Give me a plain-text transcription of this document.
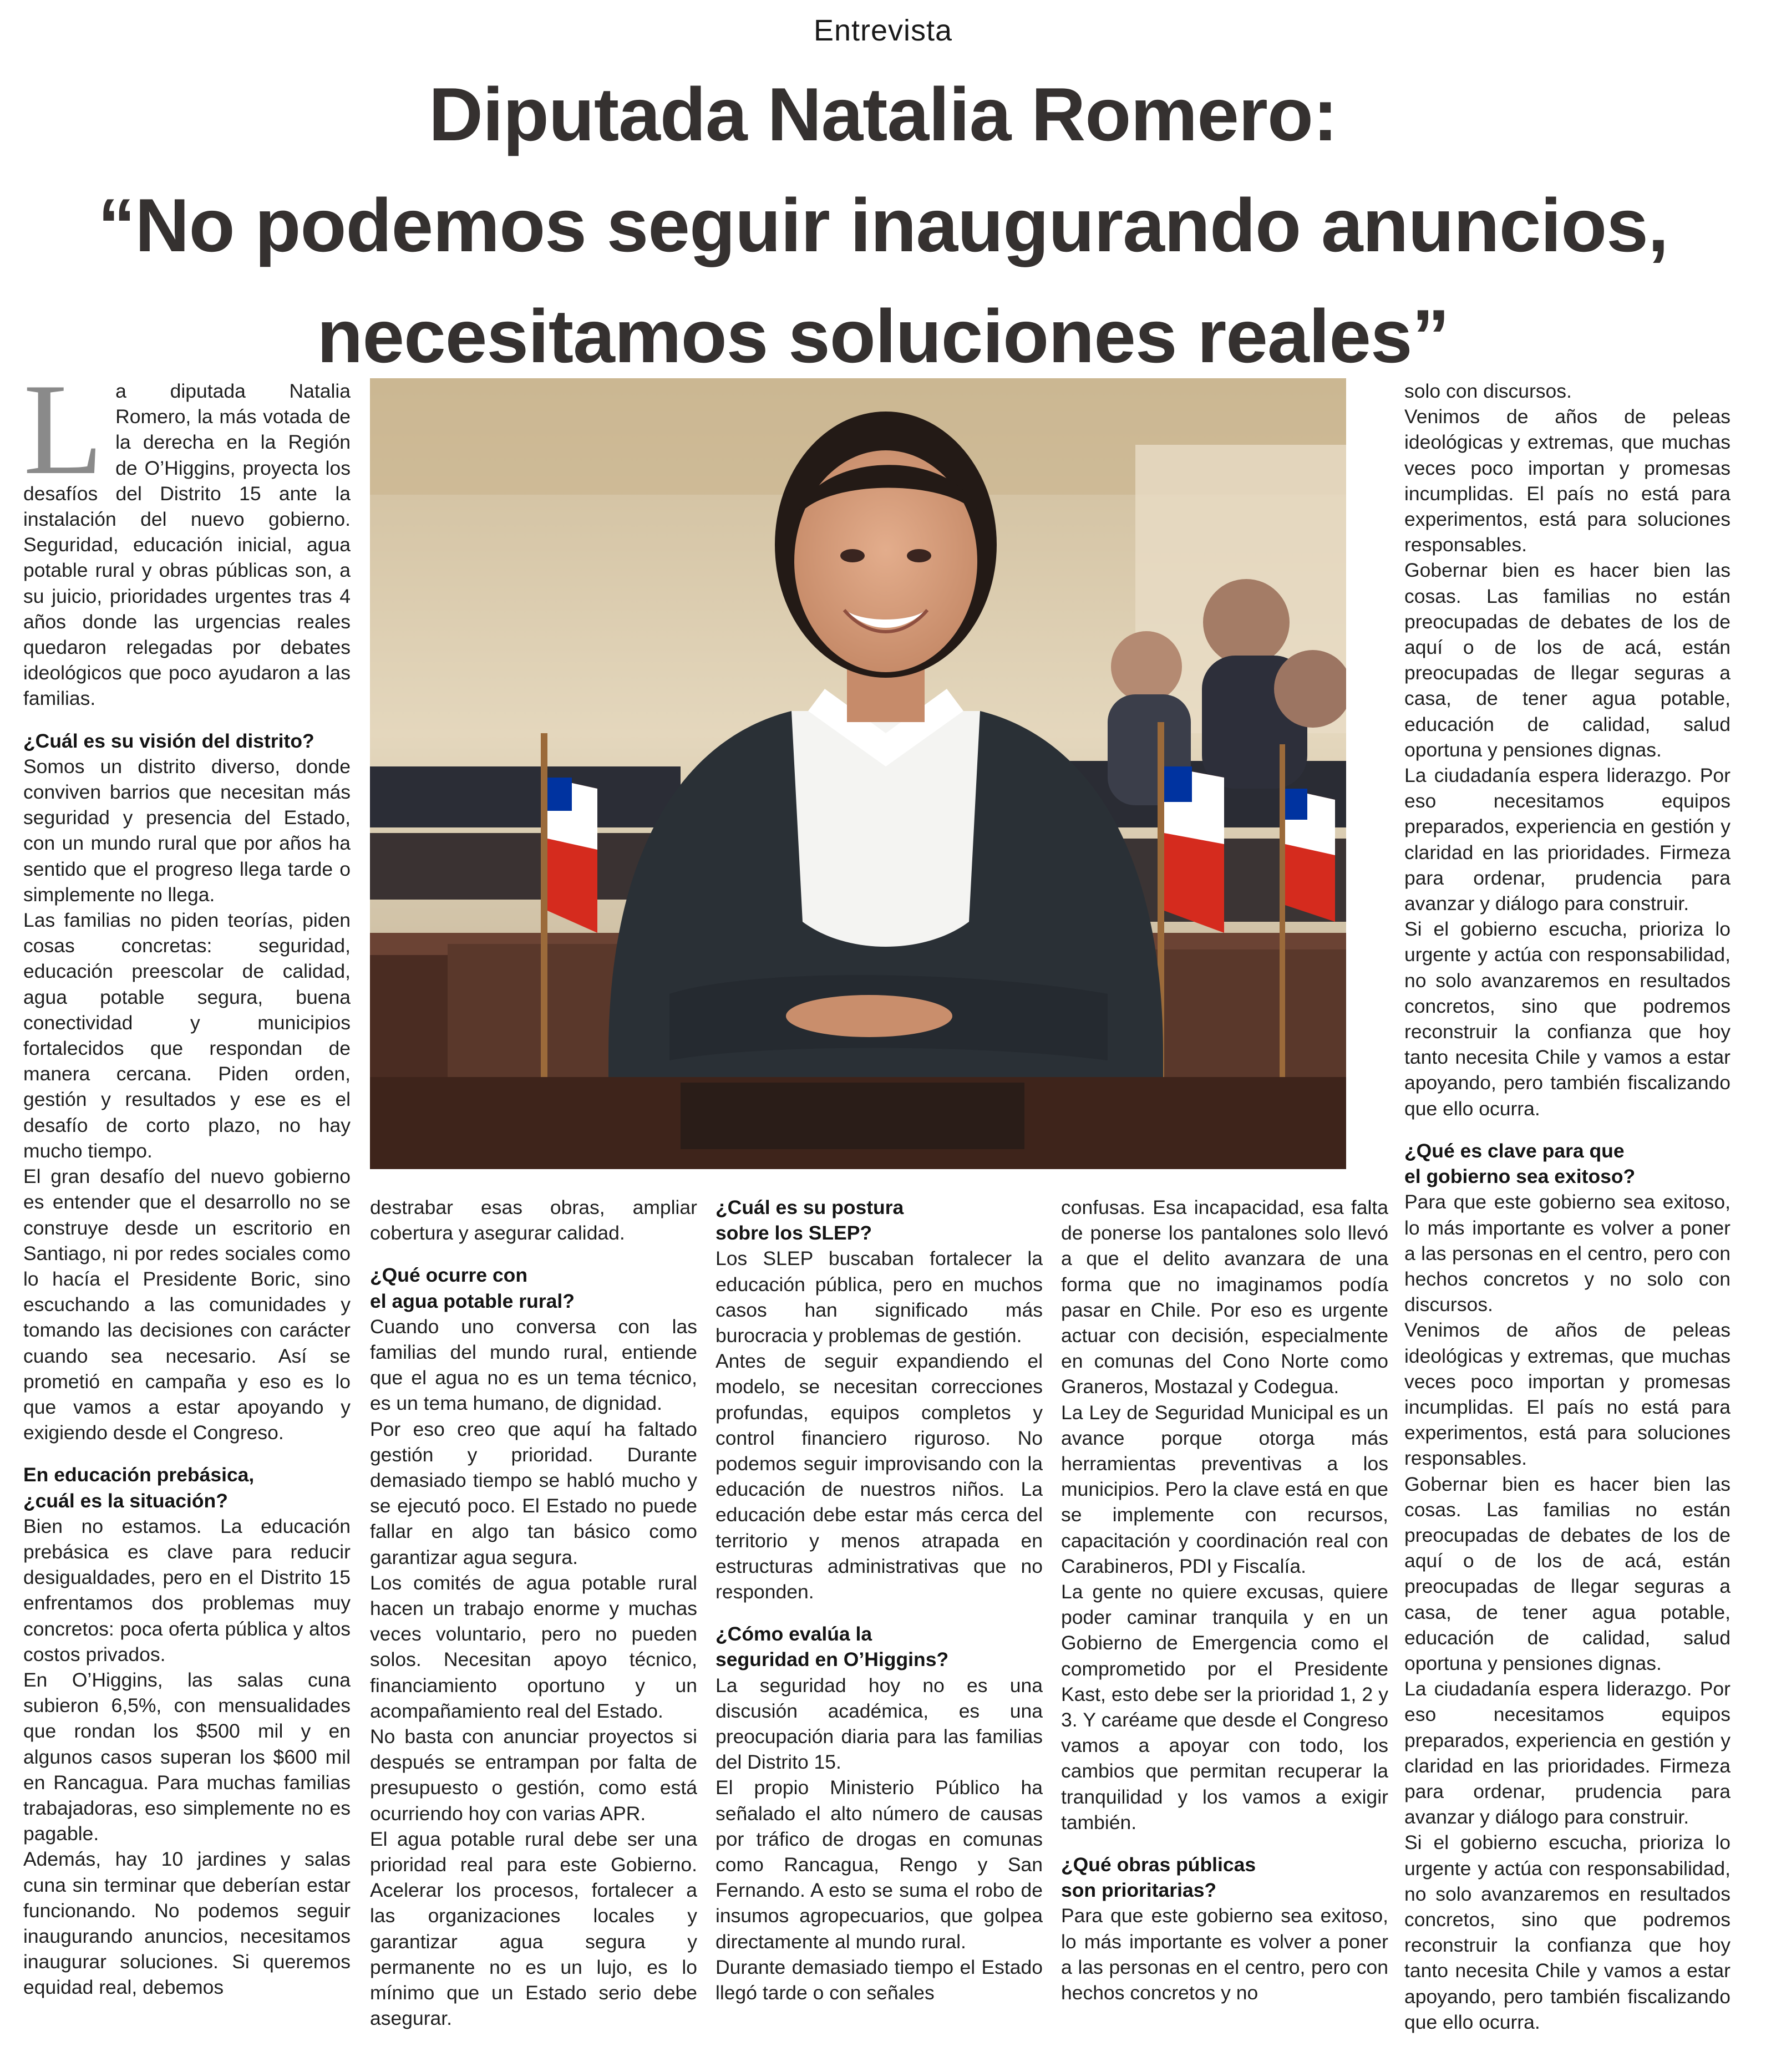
Entrevista
Diputada Natalia Romero:
“No podemos seguir inaugurando anuncios,
necesitamos soluciones reales”
L a diputada Natalia Romero, la más votada de la derecha en la Región de O’Higgins, proyecta los desafíos del Distrito 15 ante la instalación del nuevo gobierno. Seguridad, educación inicial, agua potable rural y obras públicas son, a su juicio, prioridades urgentes tras 4 años donde las urgencias reales quedaron relegadas por debates ideológicos que poco ayudaron a las familias.

¿Cuál es su visión del distrito?

Somos un distrito diverso, donde conviven barrios que necesitan más seguridad y presencia del Estado, con un mundo rural que por años ha sentido que el progreso llega tarde o simplemente no llega.

Las familias no piden teorías, piden cosas concretas: seguridad, educación preescolar de calidad, agua potable segura, buena conectividad y municipios fortalecidos que respondan de manera cercana. Piden orden, gestión y resultados y ese es el desafío de corto plazo, no hay mucho tiempo.

El gran desafío del nuevo gobierno es entender que el desarrollo no se construye desde un escritorio en Santiago, ni por redes sociales como lo hacía el Presidente Boric, sino escuchando a las comunidades y tomando las decisiones con carácter cuando sea necesario. Así se prometió en campaña y eso es lo que vamos a estar apoyando y exigiendo desde el Congreso.

En educación prebásica,
¿cuál es la situación?

Bien no estamos. La educación prebásica es clave para reducir desigualdades, pero en el Distrito 15 enfrentamos dos problemas muy concretos: poca oferta pública y altos costos privados.

En O’Higgins, las salas cuna subieron 6,5%, con mensualidades que rondan los $500 mil y en algunos casos superan los $600 mil en Rancagua. Para muchas familias trabajadoras, eso simplemente no es pagable.

Además, hay 10 jardines y salas cuna sin terminar que deberían estar funcionando. No podemos seguir inaugurando anuncios, necesitamos inaugurar soluciones. Si queremos equidad real, debemos

destrabar esas obras, ampliar cobertura y asegurar calidad.

¿Qué ocurre con
el agua potable rural?

Cuando uno conversa con las familias del mundo rural, entiende que el agua no es un tema técnico, es un tema humano, de dignidad.

Por eso creo que aquí ha faltado gestión y prioridad. Durante demasiado tiempo se habló mucho y se ejecutó poco. El Estado no puede fallar en algo tan básico como garantizar agua segura.

Los comités de agua potable rural hacen un trabajo enorme y muchas veces voluntario, pero no pueden solos. Necesitan apoyo técnico, financiamiento oportuno y un acompañamiento real del Estado.

No basta con anunciar proyectos si después se entrampan por falta de presupuesto o gestión, como está ocurriendo hoy con varias APR.

El agua potable rural debe ser una prioridad real para este Gobierno. Acelerar los procesos, fortalecer a las organizaciones locales y garantizar agua segura y permanente no es un lujo, es lo mínimo que un Estado serio debe asegurar.

¿Cuál es su postura
sobre los SLEP?

Los SLEP buscaban fortalecer la educación pública, pero en muchos casos han significado más burocracia y problemas de gestión.

Antes de seguir expandiendo el modelo, se necesitan correcciones profundas, equipos completos y control financiero riguroso. No podemos seguir improvisando con la educación de nuestros niños. La educación debe estar más cerca del territorio y menos atrapada en estructuras administrativas que no responden.

¿Cómo evalúa la
seguridad en O’Higgins?

La seguridad hoy no es una discusión académica, es una preocupación diaria para las familias del Distrito 15.

El propio Ministerio Público ha señalado el alto número de causas por tráfico de drogas en comunas como Rancagua, Rengo y San Fernando. A esto se suma el robo de insumos agropecuarios, que golpea directamente al mundo rural.

Durante demasiado tiempo el Estado llegó tarde o con señales

confusas. Esa incapacidad, esa falta de ponerse los pantalones solo llevó a que el delito avanzara de una forma que no imaginamos podía pasar en Chile. Por eso es urgente actuar con decisión, especialmente en comunas del Cono Norte como Graneros, Mostazal y Codegua.

La Ley de Seguridad Municipal es un avance porque otorga más herramientas preventivas a los municipios. Pero la clave está en que se implemente con recursos, capacitación y coordinación real con Carabineros, PDI y Fiscalía.

La gente no quiere excusas, quiere poder caminar tranquila y en un Gobierno de Emergencia como el comprometido por el Presidente Kast, esto debe ser la prioridad 1, 2 y 3. Y caréame que desde el Congreso vamos a apoyar con todo, los cambios que permitan recuperar la tranquilidad y los vamos a exigir también.

¿Qué obras públicas
son prioritarias?

Para que este gobierno sea exitoso, lo más importante es volver a poner a las personas en el centro, pero con hechos concretos y no

solo con discursos.

Venimos de años de peleas ideológicas y extremas, que muchas veces poco importan y promesas incumplidas. El país no está para experimentos, está para soluciones responsables.

Gobernar bien es hacer bien las cosas. Las familias no están preocupadas de debates de los de aquí o de los de acá, están preocupadas de llegar seguras a casa, de tener agua potable, educación de calidad, salud oportuna y pensiones dignas.

La ciudadanía espera liderazgo. Por eso necesitamos equipos preparados, experiencia en gestión y claridad en las prioridades. Firmeza para ordenar, prudencia para avanzar y diálogo para construir.

Si el gobierno escucha, prioriza lo urgente y actúa con responsabilidad, no solo avanzaremos en resultados concretos, sino que podremos reconstruir la confianza que hoy tanto necesita Chile y vamos a estar apoyando, pero también fiscalizando que ello ocurra.

¿Qué es clave para que
el gobierno sea exitoso?

Para que este gobierno sea exitoso, lo más importante es volver a poner a las personas en el centro, pero con hechos concretos y no solo con discursos.

Venimos de años de peleas ideológicas y extremas, que muchas veces poco importan y promesas incumplidas. El país no está para experimentos, está para soluciones responsables.

Gobernar bien es hacer bien las cosas. Las familias no están preocupadas de debates de los de aquí o de los de acá, están preocupadas de llegar seguras a casa, de tener agua potable, educación de calidad, salud oportuna y pensiones dignas.

La ciudadanía espera liderazgo. Por eso necesitamos equipos preparados, experiencia en gestión y claridad en las prioridades. Firmeza para ordenar, prudencia para avanzar y diálogo para construir.

Si el gobierno escucha, prioriza lo urgente y actúa con responsabilidad, no solo avanzaremos en resultados concretos, sino que podremos reconstruir la confianza que hoy tanto necesita Chile y vamos a estar apoyando, pero también fiscalizando que ello ocurra.
